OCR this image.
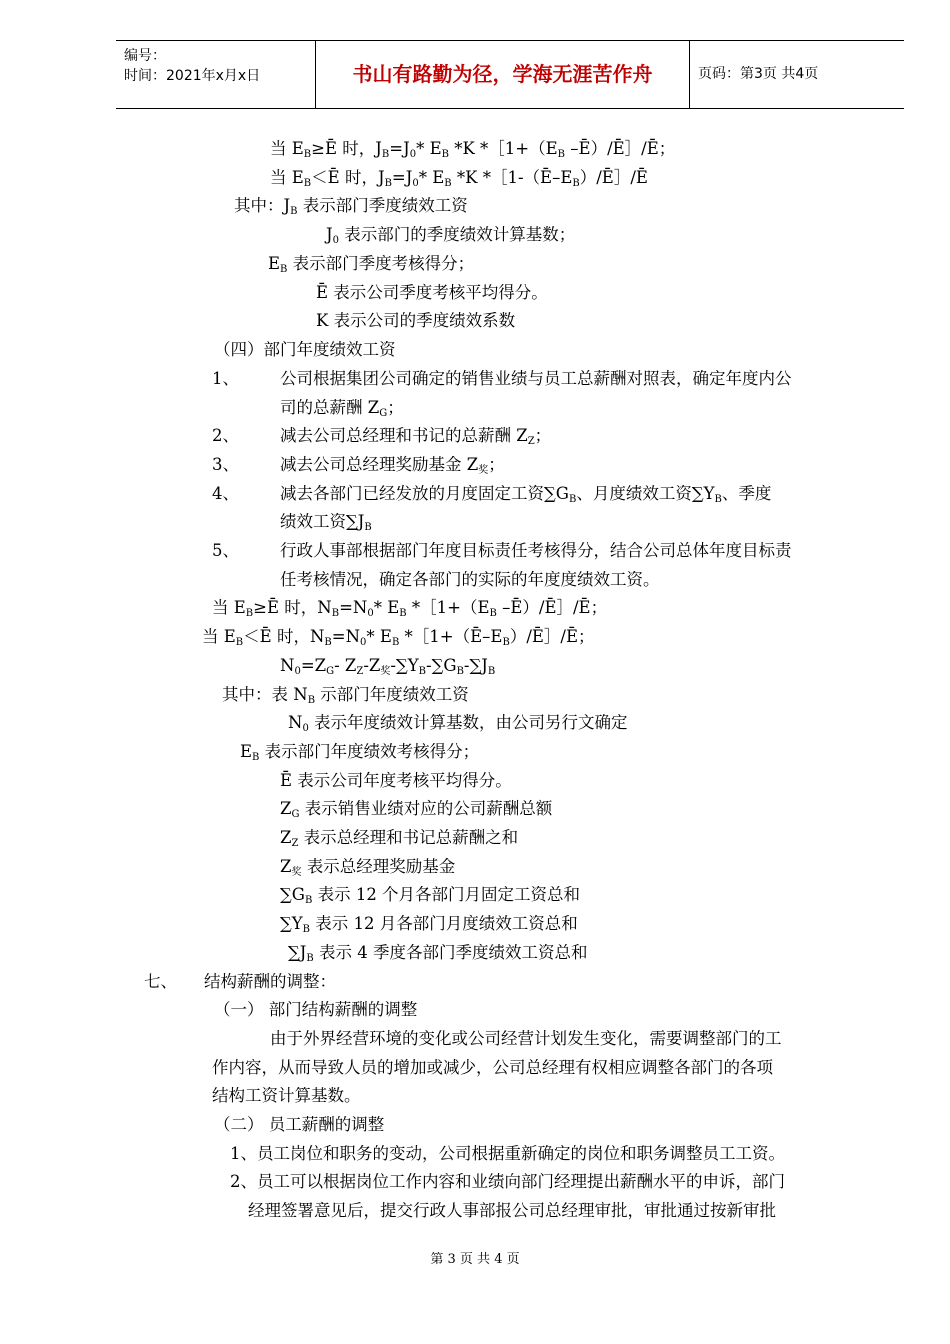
编号：
时间：2021年x月x日	书山有路勤为径，学海无涯苦作舟	页码：第3页 共4页
当 $E_B\ge Ē$ 时，$J_B=J_0*$ $E_B$ *K $*[1+(E_B$ –Ē）/Ē］/Ē；
当 $E_B<Ē$ 时，$J_B=J_0*$ $E_B$ *K $*[1-(Ē-E_B)/Ē]/Ē$
其中：$J_B$ 表示部门季度绩效工资
$J_0$ 表示部门的季度绩效计算基数；
$E_B$ 表示部门季度考核得分；
Ē 表示公司季度考核平均得分。
K 表示公司的季度绩效系数
（四）部门年度绩效工资
1、 公司根据集团公司确定的销售业绩与员工总薪酬对照表，确定年度内公
司的总薪酬 $Z_G$；
2、 减去公司总经理和书记的总薪酬 $Z_Z$；
3、 减去公司总经理奖励基金 $Z_奖$；
4、 减去各部门已经发放的月度固定工资$\sum G_B$、月度绩效工资$\sum Y_B$、季度
绩效工资$\sum J_B$
5、 行政人事部根据部门年度目标责任考核得分，结合公司总体年度目标责
任考核情况，确定各部门的实际的年度度绩效工资。
当 $E_B\ge Ē$ 时，$N_B=N_0*$ $E_B$ $*[1+(E_B$ –Ē）/Ē］/Ē；
当 $E_B<Ē$ 时，$N_B=N_0*$ $E_B$ $*[1+(Ē-E_B)/Ē]/Ē$；
$N_0=Z_G-$ $Z_Z-Z_奖-\sum Y_B-\sum G_B-\sum J_B$
其中：表 $N_B$ 示部门年度绩效工资
$N_0$ 表示年度绩效计算基数，由公司另行文确定
$E_B$ 表示部门年度绩效考核得分；
Ē 表示公司年度考核平均得分。
$Z_G$ 表示销售业绩对应的公司薪酬总额
$Z_Z$ 表示总经理和书记总薪酬之和
$Z_奖$ 表示总经理奖励基金
$\sum G_B$ 表示 12 个月各部门月固定工资总和
$\sum Y_B$ 表示 12 月各部门月度绩效工资总和
$\sum J_B$ 表示 4 季度各部门季度绩效工资总和
七、 结构薪酬的调整：
（一） 部门结构薪酬的调整
由于外界经营环境的变化或公司经营计划发生变化，需要调整部门的工
作内容，从而导致人员的增加或减少，公司总经理有权相应调整各部门的各项
结构工资计算基数。
（二） 员工薪酬的调整
1、员工岗位和职务的变动，公司根据重新确定的岗位和职务调整员工工资。
2、员工可以根据岗位工作内容和业绩向部门经理提出薪酬水平的申诉，部门
经理签署意见后，提交行政人事部报公司总经理审批，审批通过按新审批
第 3 页 共 4 页
